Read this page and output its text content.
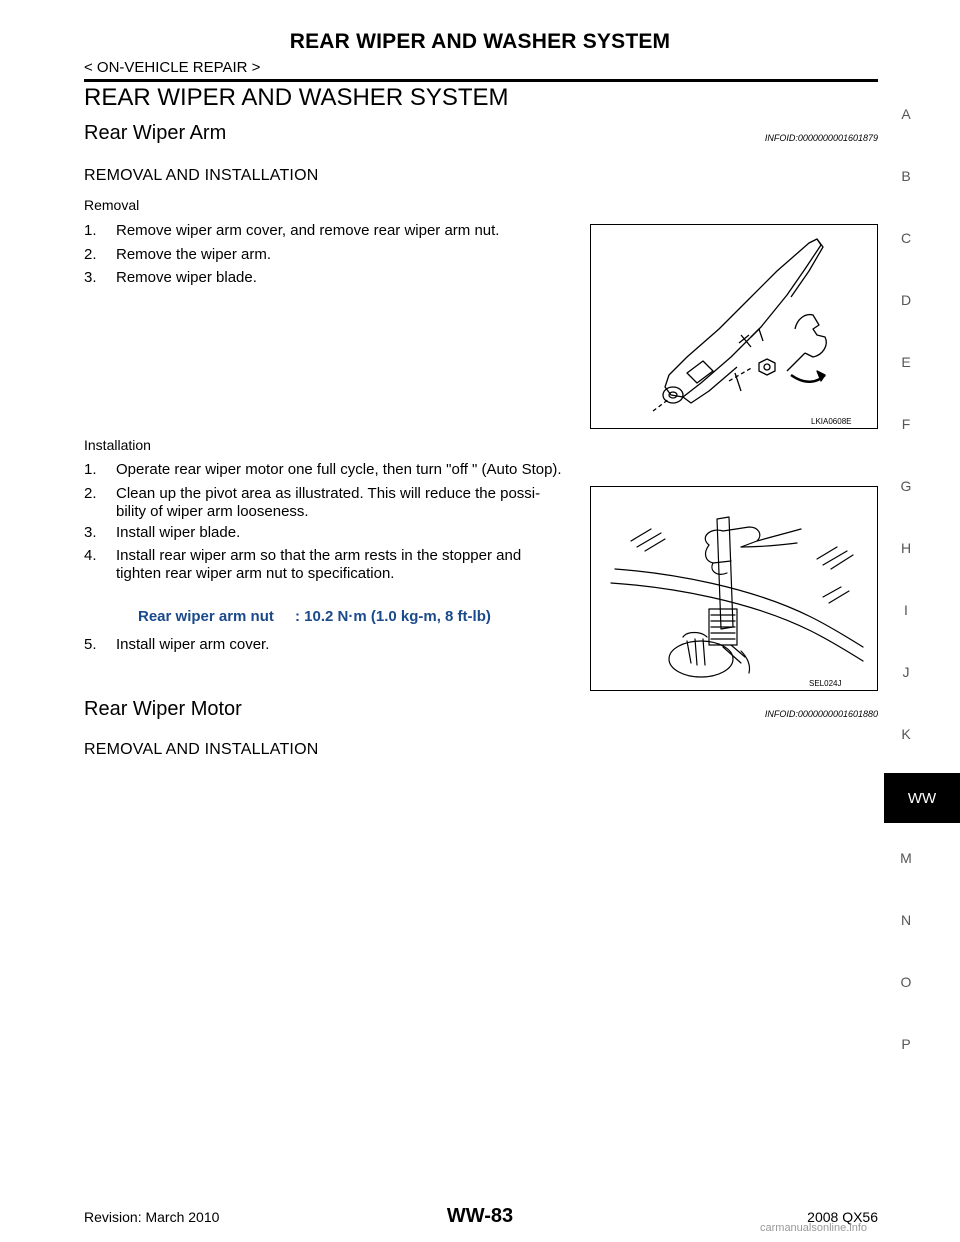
REAR WIPER AND WASHER SYSTEM
< ON-VEHICLE REPAIR >
REAR WIPER AND WASHER SYSTEM
Rear Wiper Arm	INFOID:0000000001601879
REMOVAL AND INSTALLATION
Removal
1. Remove wiper arm cover, and remove rear wiper arm nut.
2. Remove the wiper arm.
3. Remove wiper blade.
LKIA0608E
Installation
1. Operate rear wiper motor one full cycle, then turn "off " (Auto Stop).
2. Clean up the pivot area as illustrated. This will reduce the possi-
bility of wiper arm looseness.
3. Install wiper blade.
4. Install rear wiper arm so that the arm rests in the stopper and
tighten rear wiper arm nut to specification.
Rear wiper arm nut : 10.2 N·m (1.0 kg-m, 8 ft-lb)
5. Install wiper arm cover.
SEL024J
Rear Wiper Motor	INFOID:0000000001601880
REMOVAL AND INSTALLATION
A
B
C
D
E
F
G
H
I
J
K
WW
M
N
O
P
Revision: March 2010	WW-83	2008 QX56
carmanualsonline.info
